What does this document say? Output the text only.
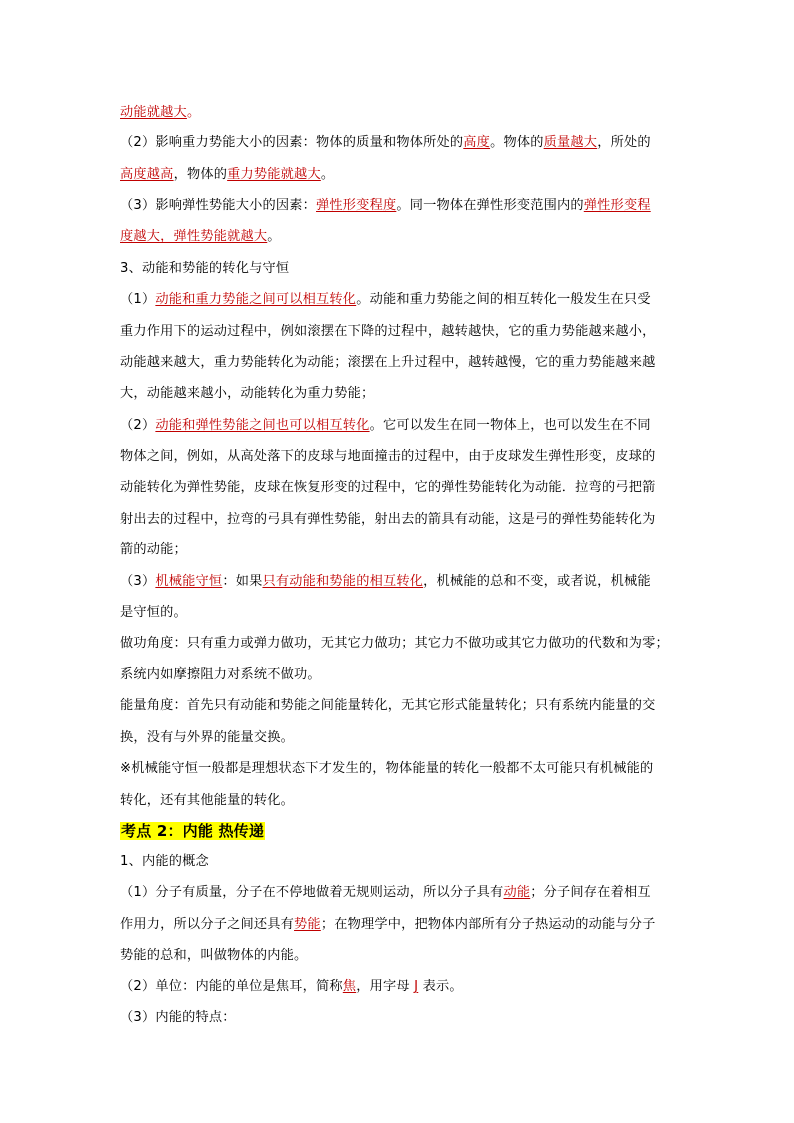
动能就越大。
（2）影响重力势能大小的因素：物体的质量和物体所处的高度。物体的质量越大，所处的
高度越高，物体的重力势能就越大。
（3）影响弹性势能大小的因素：弹性形变程度。同一物体在弹性形变范围内的弹性形变程
度越大，弹性势能就越大。
3、动能和势能的转化与守恒
（1）动能和重力势能之间可以相互转化。动能和重力势能之间的相互转化一般发生在只受
重力作用下的运动过程中，例如滚摆在下降的过程中，越转越快，它的重力势能越来越小，
动能越来越大，重力势能转化为动能；滚摆在上升过程中，越转越慢，它的重力势能越来越
大，动能越来越小，动能转化为重力势能；
（2）动能和弹性势能之间也可以相互转化。它可以发生在同一物体上，也可以发生在不同
物体之间，例如，从高处落下的皮球与地面撞击的过程中，由于皮球发生弹性形变，皮球的
动能转化为弹性势能，皮球在恢复形变的过程中，它的弹性势能转化为动能．拉弯的弓把箭
射出去的过程中，拉弯的弓具有弹性势能，射出去的箭具有动能，这是弓的弹性势能转化为
箭的动能；
（3）机械能守恒：如果只有动能和势能的相互转化，机械能的总和不变，或者说，机械能
是守恒的。
做功角度：只有重力或弹力做功，无其它力做功；其它力不做功或其它力做功的代数和为零；
系统内如摩擦阻力对系统不做功。
能量角度：首先只有动能和势能之间能量转化，无其它形式能量转化；只有系统内能量的交
换，没有与外界的能量交换。
※机械能守恒一般都是理想状态下才发生的，物体能量的转化一般都不太可能只有机械能的
转化，还有其他能量的转化。
考点 2：内能 热传递
1、内能的概念
（1）分子有质量，分子在不停地做着无规则运动，所以分子具有动能；分子间存在着相互
作用力，所以分子之间还具有势能；在物理学中，把物体内部所有分子热运动的动能与分子
势能的总和，叫做物体的内能。
（2）单位：内能的单位是焦耳，简称焦，用字母 J 表示。
（3）内能的特点：
